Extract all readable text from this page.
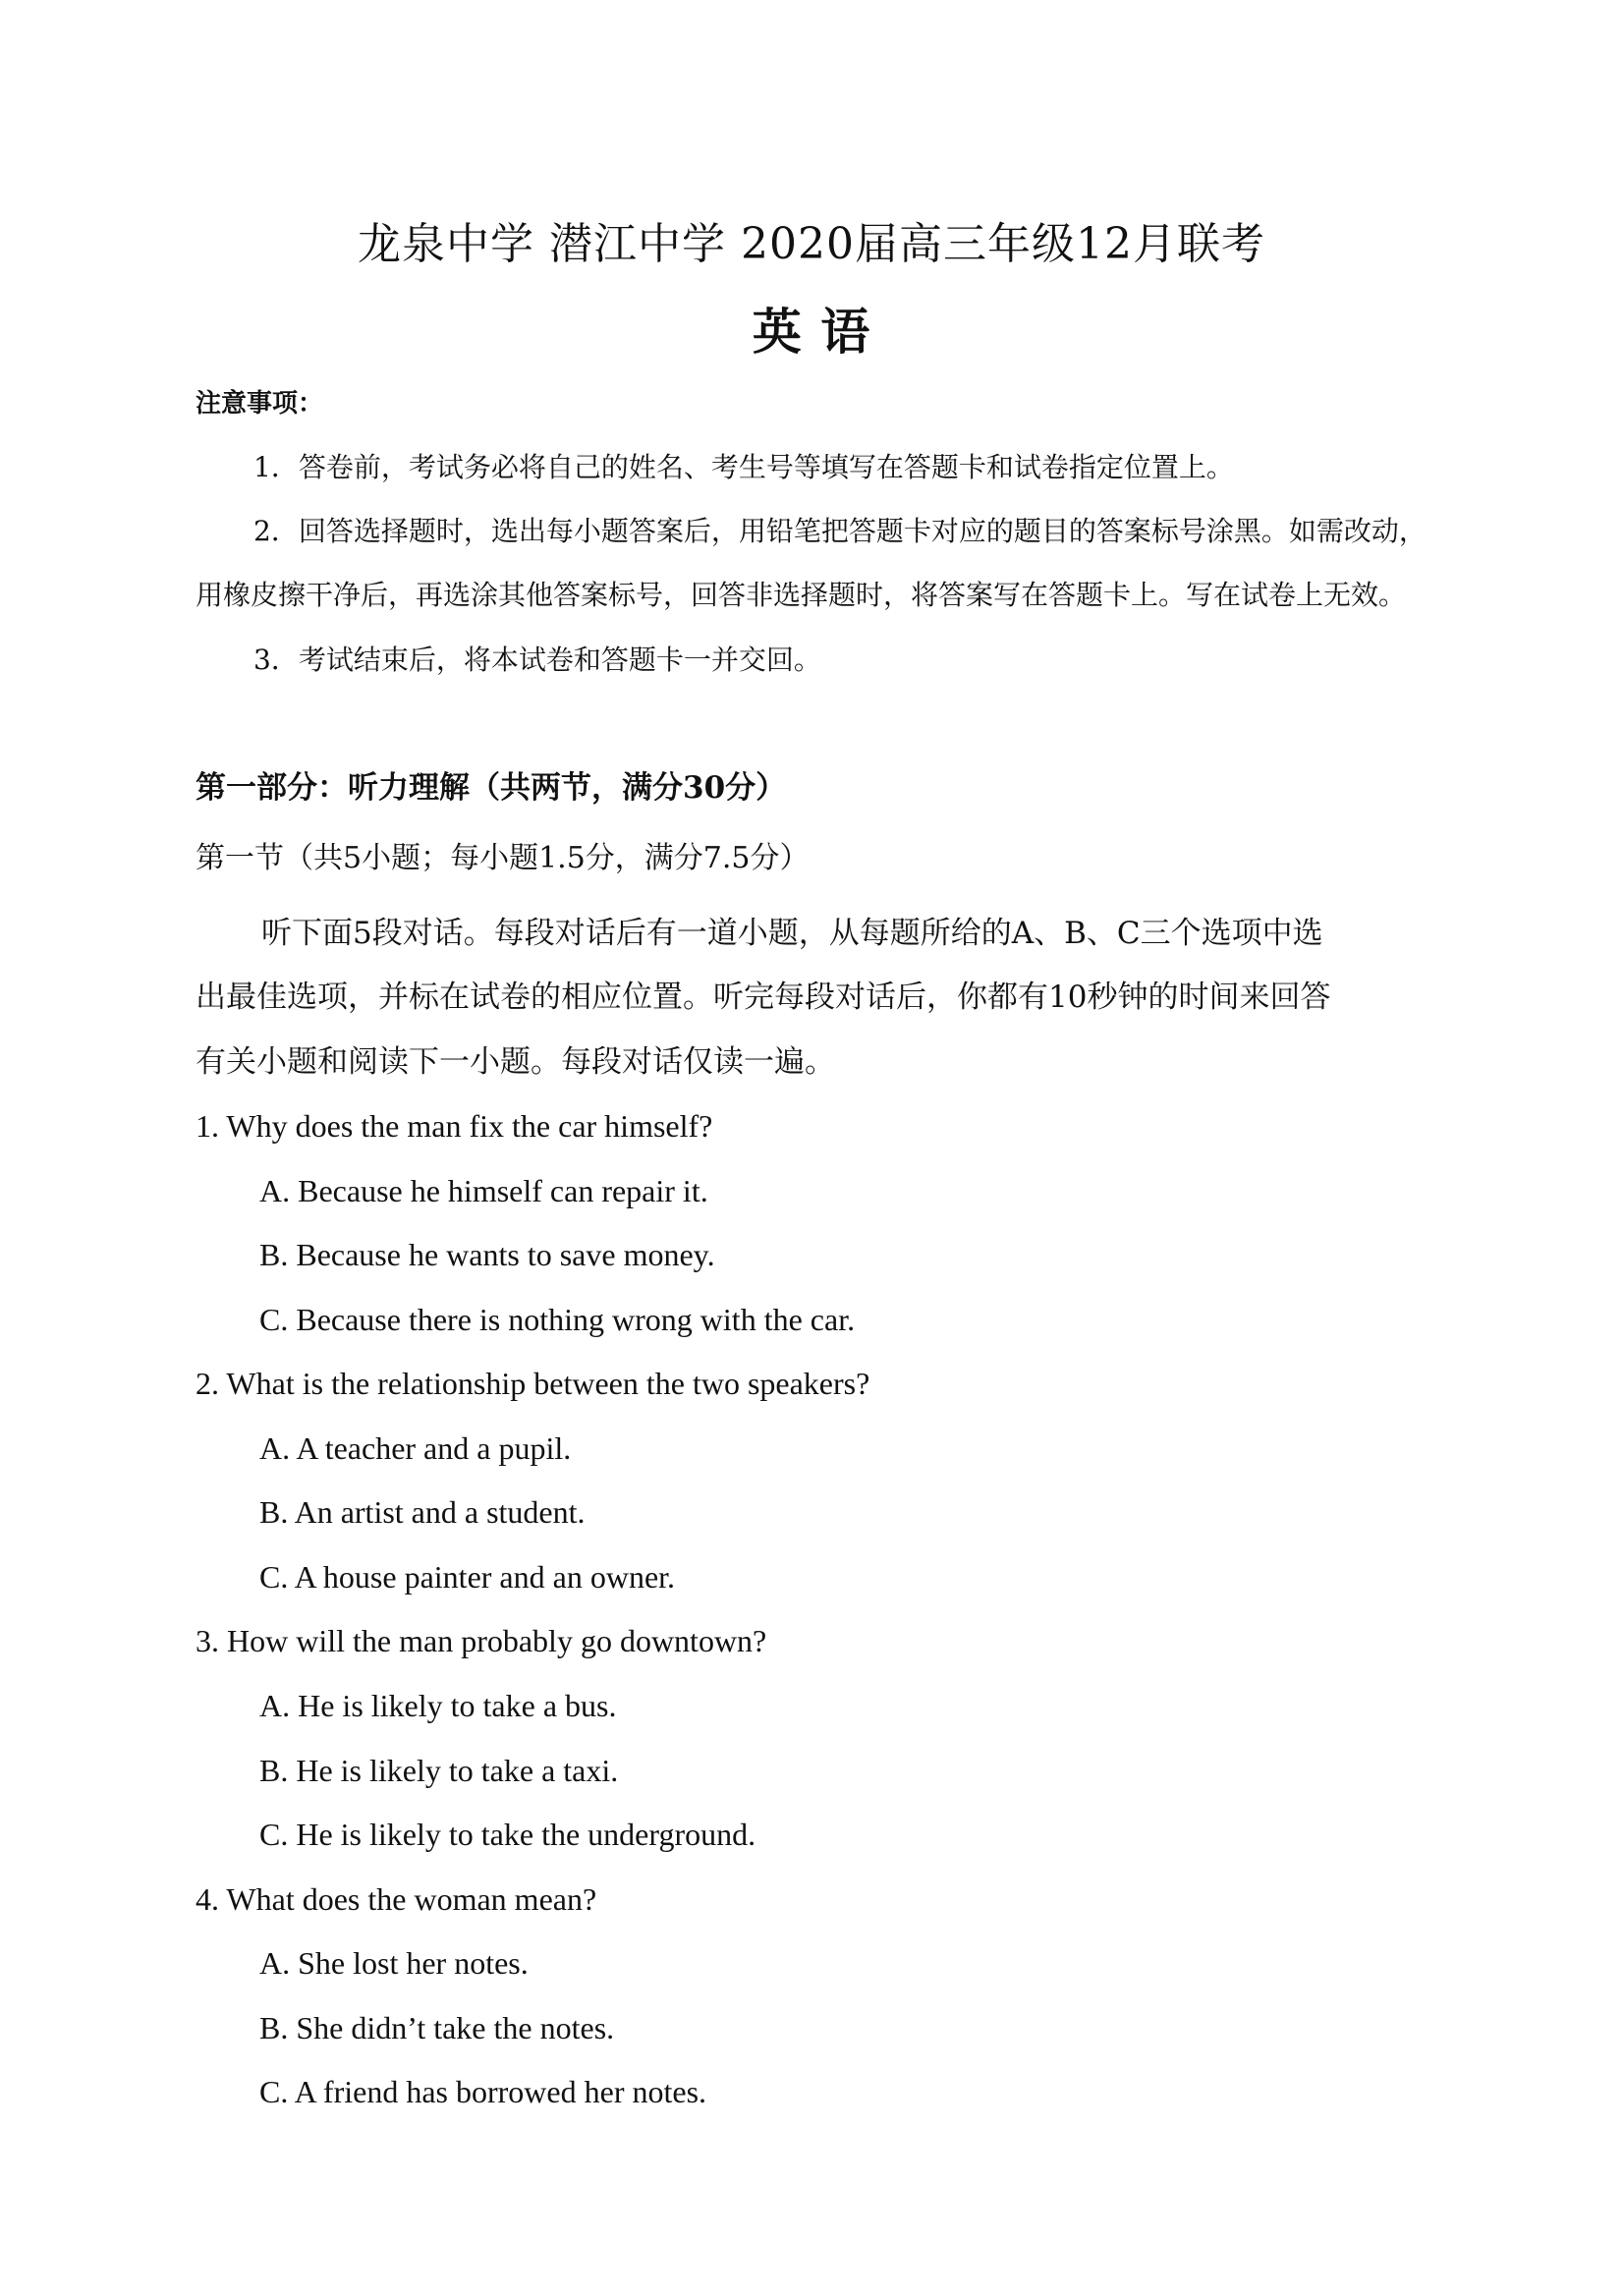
龙泉中学 潜江中学 2020届高三年级12月联考
英 语
注意事项：
1．答卷前，考试务必将自己的姓名、考生号等填写在答题卡和试卷指定位置上。
2．回答选择题时，选出每小题答案后，用铅笔把答题卡对应的题目的答案标号涂黑。如需改动，
用橡皮擦干净后，再选涂其他答案标号，回答非选择题时，将答案写在答题卡上。写在试卷上无效。
3．考试结束后，将本试卷和答题卡一并交回。
第一部分：听力理解（共两节，满分30分）
第一节（共5小题；每小题1.5分，满分7.5分）
听下面5段对话。每段对话后有一道小题，从每题所给的A、B、C三个选项中选
出最佳选项，并标在试卷的相应位置。听完每段对话后，你都有10秒钟的时间来回答
有关小题和阅读下一小题。每段对话仅读一遍。
1. Why does the man fix the car himself?
A. Because he himself can repair it.
B. Because he wants to save money.
C. Because there is nothing wrong with the car.
2. What is the relationship between the two speakers?
A. A teacher and a pupil.
B. An artist and a student.
C. A house painter and an owner.
3. How will the man probably go downtown?
A. He is likely to take a bus.
B. He is likely to take a taxi.
C. He is likely to take the underground.
4. What does the woman mean?
A. She lost her notes.
B. She didn’t take the notes.
C. A friend has borrowed her notes.
